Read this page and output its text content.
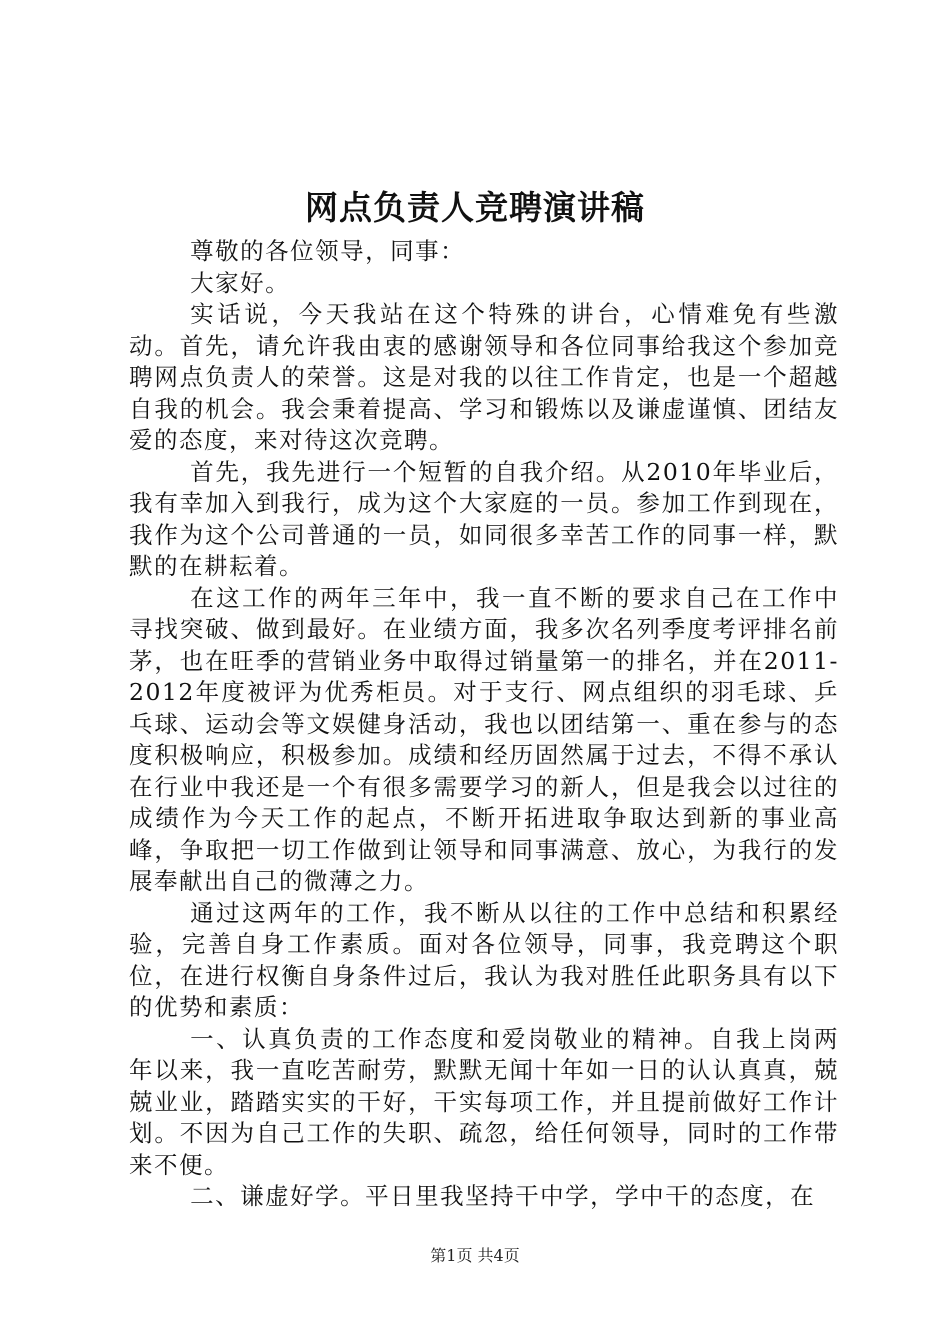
网点负责人竞聘演讲稿

尊敬的各位领导，同事：

大家好。

实话说，今天我站在这个特殊的讲台，心情难免有些激动。首先，请允许我由衷的感谢领导和各位同事给我这个参加竞聘网点负责人的荣誉。这是对我的以往工作肯定，也是一个超越自我的机会。我会秉着提高、学习和锻炼以及谦虚谨慎、团结友爱的态度，来对待这次竞聘。

首先，我先进行一个短暂的自我介绍。从2010年毕业后，我有幸加入到我行，成为这个大家庭的一员。参加工作到现在，我作为这个公司普通的一员，如同很多幸苦工作的同事一样，默默的在耕耘着。

在这工作的两年三年中，我一直不断的要求自己在工作中寻找突破、做到最好。在业绩方面，我多次名列季度考评排名前茅，也在旺季的营销业务中取得过销量第一的排名，并在2011-2012年度被评为优秀柜员。对于支行、网点组织的羽毛球、乒乓球、运动会等文娱健身活动，我也以团结第一、重在参与的态度积极响应，积极参加。成绩和经历固然属于过去，不得不承认在行业中我还是一个有很多需要学习的新人，但是我会以过往的成绩作为今天工作的起点，不断开拓进取争取达到新的事业高峰，争取把一切工作做到让领导和同事满意、放心，为我行的发展奉献出自己的微薄之力。

通过这两年的工作，我不断从以往的工作中总结和积累经验，完善自身工作素质。面对各位领导，同事，我竞聘这个职位，在进行权衡自身条件过后，我认为我对胜任此职务具有以下的优势和素质：

一、认真负责的工作态度和爱岗敬业的精神。自我上岗两年以来，我一直吃苦耐劳，默默无闻十年如一日的认认真真，兢兢业业，踏踏实实的干好，干实每项工作，并且提前做好工作计划。不因为自己工作的失职、疏忽，给任何领导，同时的工作带来不便。

二、谦虚好学。平日里我坚持干中学，学中干的态度，在

第1页 共4页
